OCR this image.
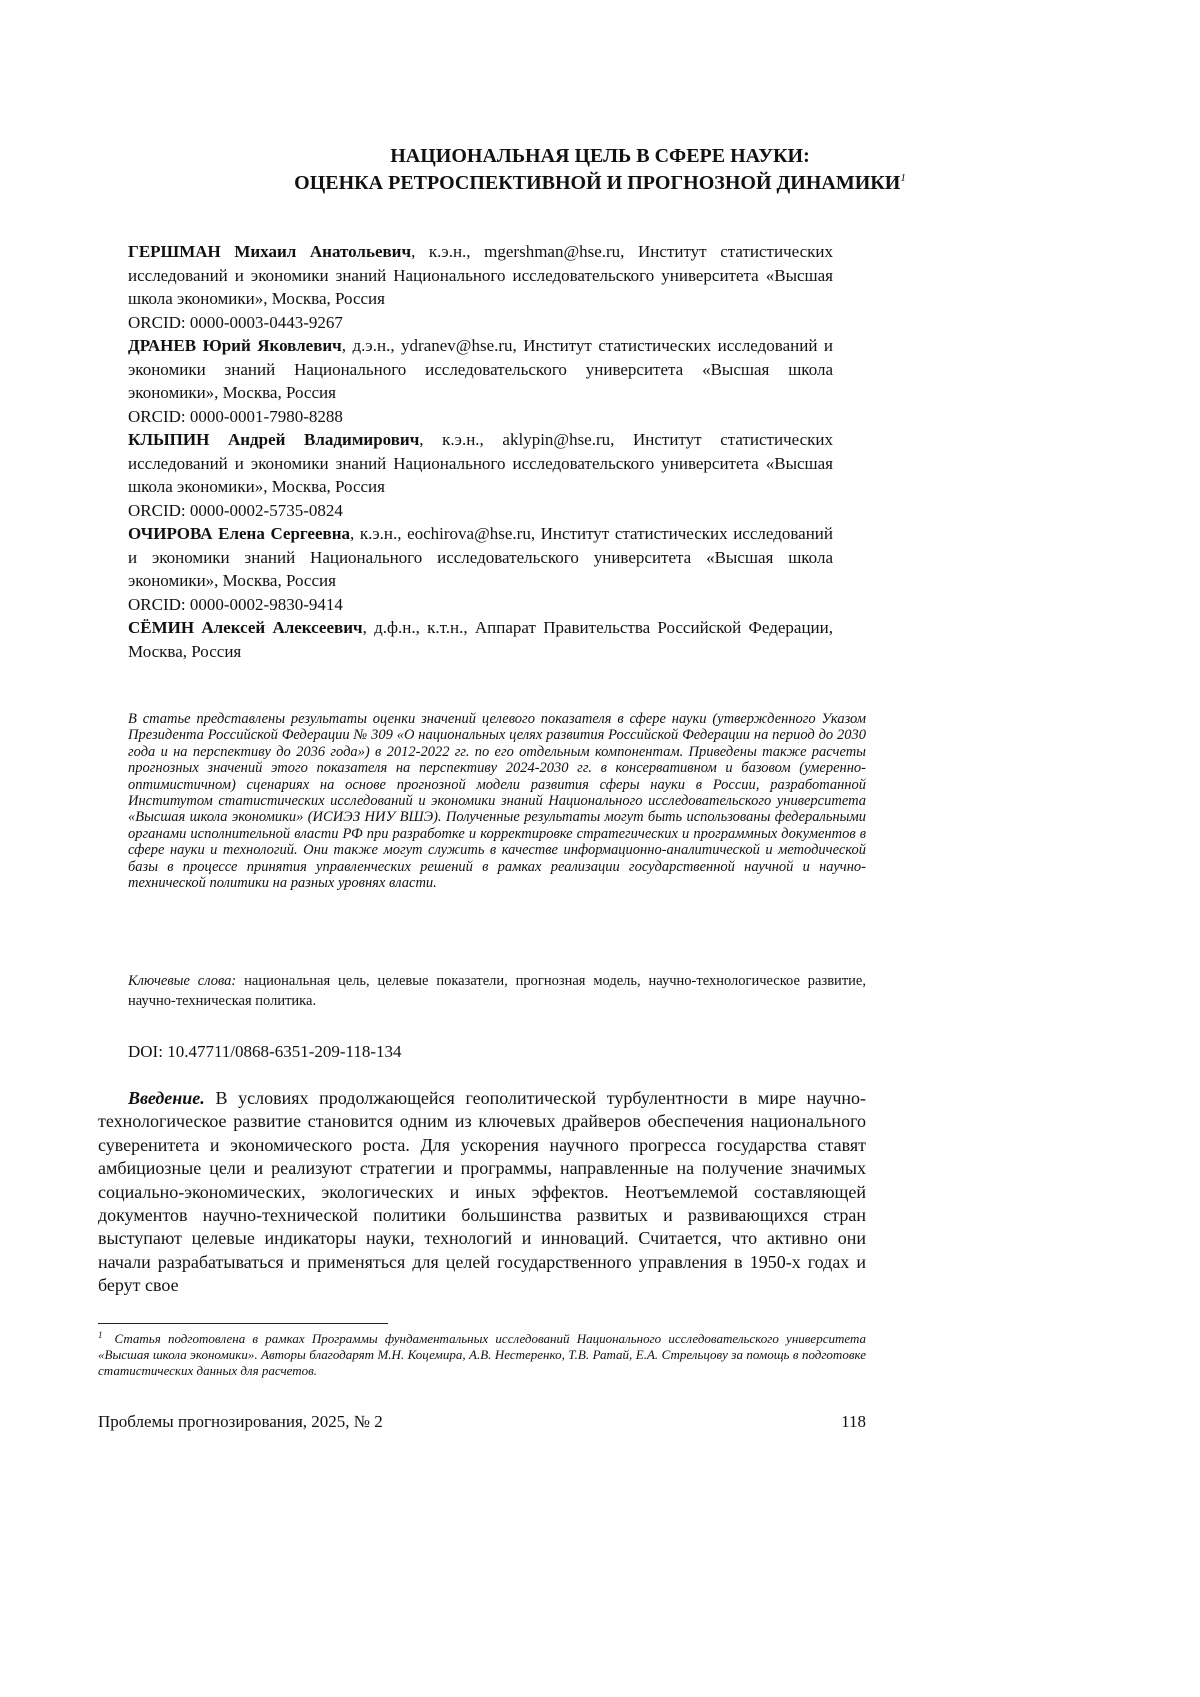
НАЦИОНАЛЬНАЯ ЦЕЛЬ В СФЕРЕ НАУКИ:
ОЦЕНКА РЕТРОСПЕКТИВНОЙ И ПРОГНОЗНОЙ ДИНАМИКИ$^1$

ГЕРШМАН Михаил Анатольевич, к.э.н., mgershman@hse.ru, Институт статистических исследований и экономики знаний Национального исследовательского университета «Высшая школа экономики», Москва, Россия

ORCID: 0000-0003-0443-9267

ДРАНЕВ Юрий Яковлевич, д.э.н., ydranev@hse.ru, Институт статистических исследований и экономики знаний Национального исследовательского университета «Высшая школа экономики», Москва, Россия

ORCID: 0000-0001-7980-8288

КЛЫПИН Андрей Владимирович, к.э.н., aklypin@hse.ru, Институт статистических исследований и экономики знаний Национального исследовательского университета «Высшая школа экономики», Москва, Россия

ORCID: 0000-0002-5735-0824

ОЧИРОВА Елена Сергеевна, к.э.н., eochirova@hse.ru, Институт статистических исследований и экономики знаний Национального исследовательского университета «Высшая школа экономики», Москва, Россия

ORCID: 0000-0002-9830-9414

СЁМИН Алексей Алексеевич, д.ф.н., к.т.н., Аппарат Правительства Российской Федерации, Москва, Россия

В статье представлены результаты оценки значений целевого показателя в сфере науки (утвержденного Указом Президента Российской Федерации № 309 «О национальных целях развития Российской Федерации на период до 2030 года и на перспективу до 2036 года») в 2012-2022 гг. по его отдельным компонентам. Приведены также расчеты прогнозных значений этого показателя на перспективу 2024-2030 гг. в консервативном и базовом (умеренно-оптимистичном) сценариях на основе прогнозной модели развития сферы науки в России, разработанной Институтом статистических исследований и экономики знаний Национального исследовательского университета «Высшая школа экономики» (ИСИЭЗ НИУ ВШЭ). Полученные результаты могут быть использованы федеральными органами исполнительной власти РФ при разработке и корректировке стратегических и программных документов в сфере науки и технологий. Они также могут служить в качестве информационно-аналитической и методической базы в процессе принятия управленческих решений в рамках реализации государственной научной и научно-технической политики на разных уровнях власти.

Ключевые слова: национальная цель, целевые показатели, прогнозная модель, научно-технологическое развитие, научно-техническая политика.

DOI: 10.47711/0868-6351-209-118-134

Введение. В условиях продолжающейся геополитической турбулентности в мире научно-технологическое развитие становится одним из ключевых драйверов обеспечения национального суверенитета и экономического роста. Для ускорения научного прогресса государства ставят амбициозные цели и реализуют стратегии и программы, направленные на получение значимых социально-экономических, экологических и иных эффектов. Неотъемлемой составляющей документов научно-технической политики большинства развитых и развивающихся стран выступают целевые индикаторы науки, технологий и инноваций. Считается, что активно они начали разрабатываться и применяться для целей государственного управления в 1950-х годах и берут свое

$^1$ Статья подготовлена в рамках Программы фундаментальных исследований Национального исследовательского университета «Высшая школа экономики». Авторы благодарят М.Н. Коцемира, А.В. Нестеренко, Т.В. Ратай, Е.А. Стрельцову за помощь в подготовке статистических данных для расчетов.

Проблемы прогнозирования, 2025, № 2	118
